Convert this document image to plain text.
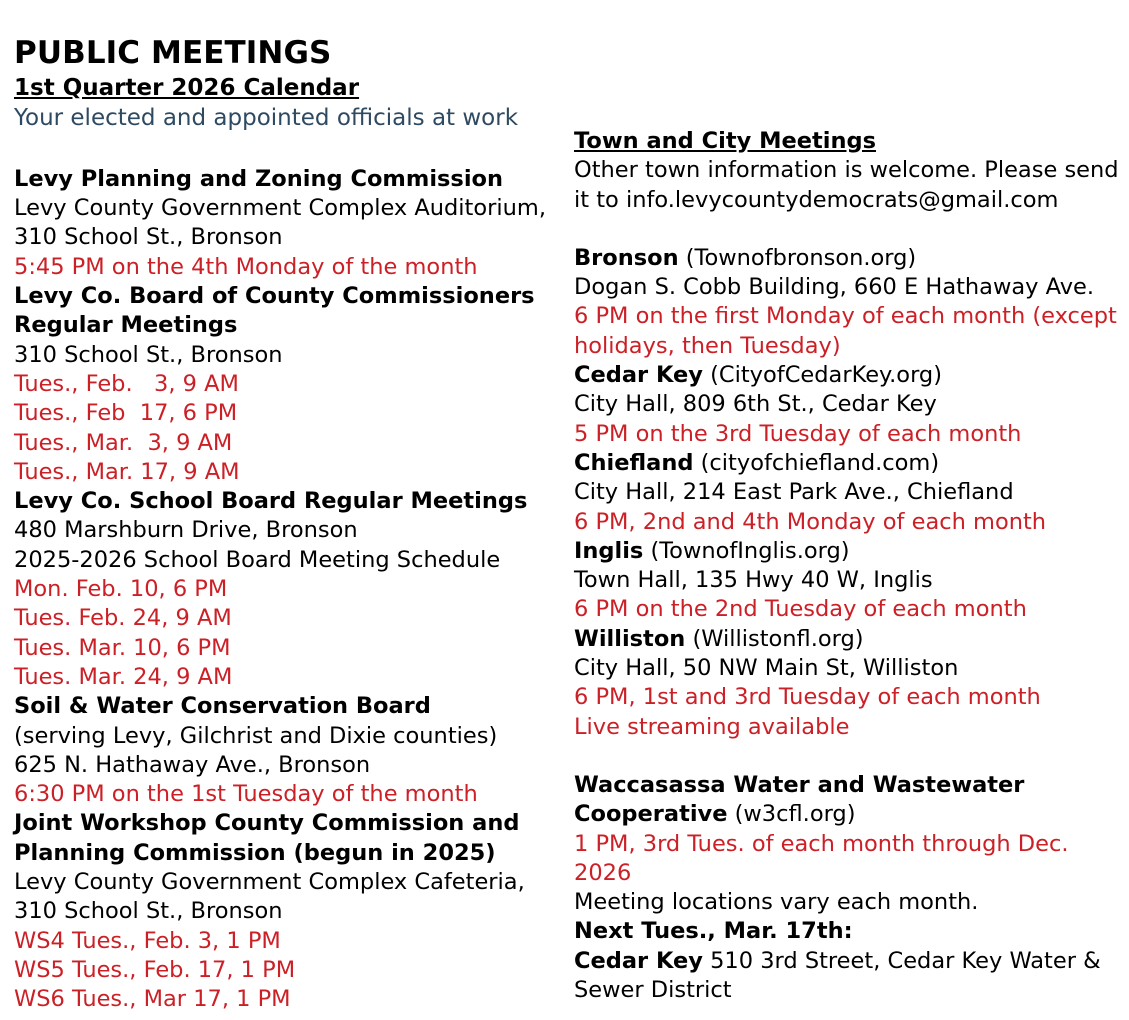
PUBLIC MEETINGS
1st Quarter 2026 Calendar
Your elected and appointed officials at work
Levy Planning and Zoning Commission
Levy County Government Complex Auditorium,
310 School St., Bronson
5:45 PM on the 4th Monday of the month
Levy Co. Board of County Commissioners
Regular Meetings
310 School St., Bronson
Tues., Feb.   3, 9 AM
Tues., Feb  17, 6 PM
Tues., Mar.  3, 9 AM
Tues., Mar. 17, 9 AM
Levy Co. School Board Regular Meetings
480 Marshburn Drive, Bronson
2025-2026 School Board Meeting Schedule
Mon. Feb. 10, 6 PM
Tues. Feb. 24, 9 AM
Tues. Mar. 10, 6 PM
Tues. Mar. 24, 9 AM
Soil & Water Conservation Board
(serving Levy, Gilchrist and Dixie counties)
625 N. Hathaway Ave., Bronson
6:30 PM on the 1st Tuesday of the month
Joint Workshop County Commission and
Planning Commission (begun in 2025)
Levy County Government Complex Cafeteria,
310 School St., Bronson
WS4 Tues., Feb. 3, 1 PM
WS5 Tues., Feb. 17, 1 PM
WS6 Tues., Mar 17, 1 PM
Town and City Meetings
Other town information is welcome. Please send
it to info.levycountydemocrats@gmail.com
Bronson (Townofbronson.org)
Dogan S. Cobb Building, 660 E Hathaway Ave.
6 PM on the first Monday of each month (except
holidays, then Tuesday)
Cedar Key (CityofCedarKey.org)
City Hall, 809 6th St., Cedar Key
5 PM on the 3rd Tuesday of each month
Chiefland (cityofchiefland.com)
City Hall, 214 East Park Ave., Chiefland
6 PM, 2nd and 4th Monday of each month
Inglis (TownofInglis.org)
Town Hall, 135 Hwy 40 W, Inglis
6 PM on the 2nd Tuesday of each month
Williston (Willistonfl.org)
City Hall, 50 NW Main St, Williston
6 PM, 1st and 3rd Tuesday of each month
Live streaming available
Waccasassa Water and Wastewater
Cooperative (w3cfl.org)
1 PM, 3rd Tues. of each month through Dec.
2026
Meeting locations vary each month.
Next Tues., Mar. 17th:
Cedar Key 510 3rd Street, Cedar Key Water &
Sewer District
